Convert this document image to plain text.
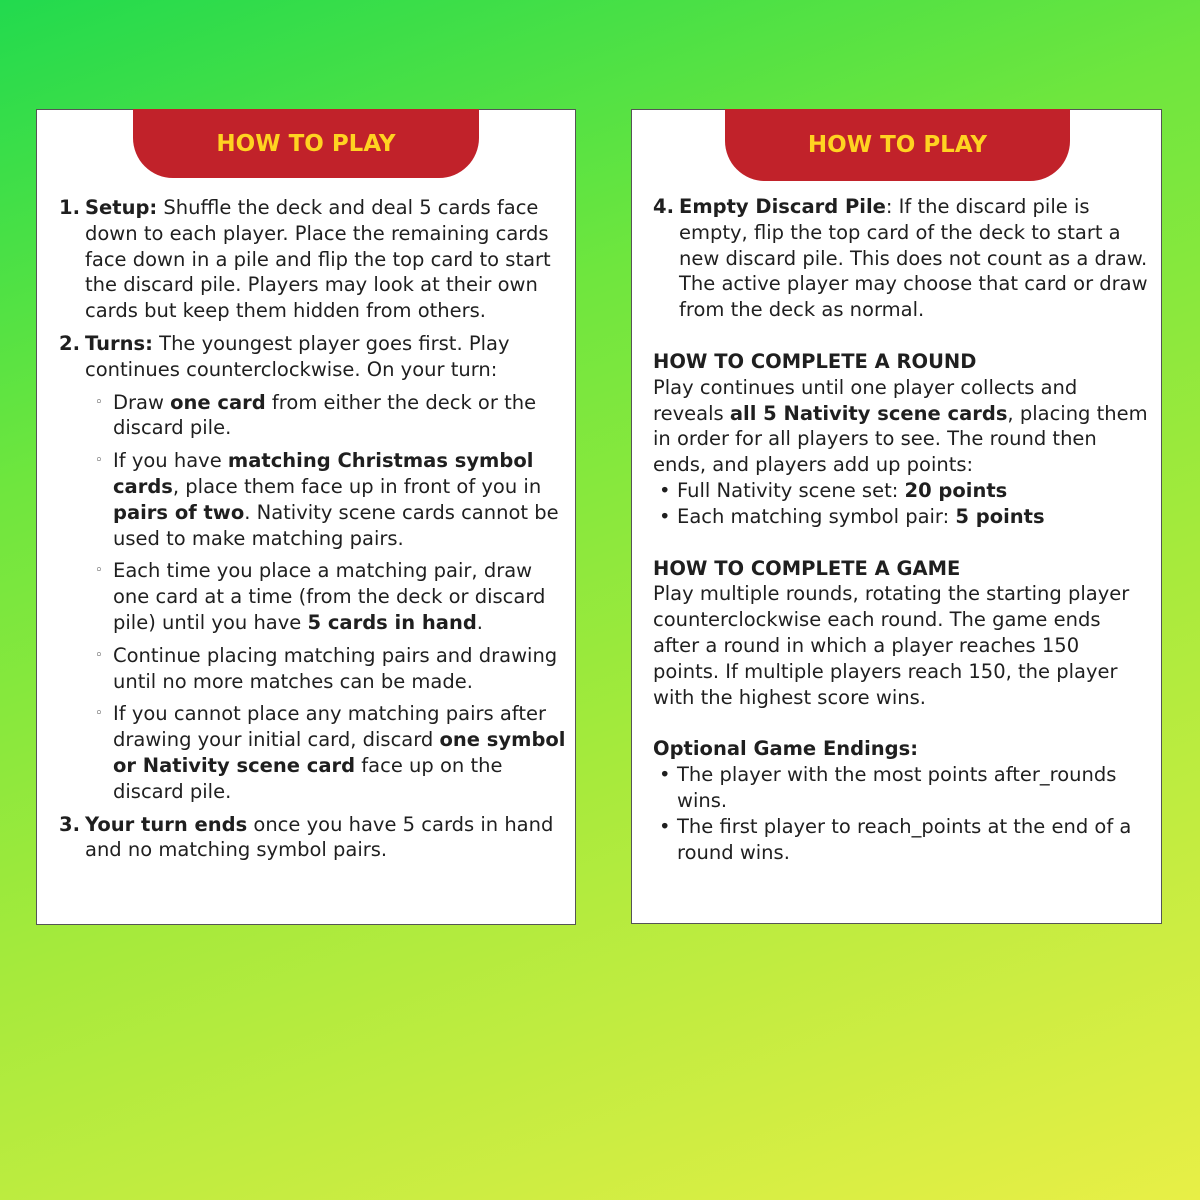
HOW TO PLAY
1. Setup: Shuffle the deck and deal 5 cards face down to each player. Place the remaining cards face down in a pile and flip the top card to start the discard pile. Players may look at their own cards but keep them hidden from others.
2. Turns: The youngest player goes first. Play continues counterclockwise. On your turn:
◦ Draw one card from either the deck or the discard pile.
◦ If you have matching Christmas symbol cards, place them face up in front of you in pairs of two. Nativity scene cards cannot be used to make matching pairs.
◦ Each time you place a matching pair, draw one card at a time (from the deck or discard pile) until you have 5 cards in hand.
◦ Continue placing matching pairs and drawing until no more matches can be made.
◦ If you cannot place any matching pairs after drawing your initial card, discard one symbol or Nativity scene card face up on the discard pile.
3. Your turn ends once you have 5 cards in hand and no matching symbol pairs.
HOW TO PLAY
4. Empty Discard Pile: If the discard pile is empty, flip the top card of the deck to start a new discard pile. This does not count as a draw. The active player may choose that card or draw from the deck as normal.
HOW TO COMPLETE A ROUND
Play continues until one player collects and reveals all 5 Nativity scene cards, placing them in order for all players to see. The round then ends, and players add up points:
• Full Nativity scene set: 20 points
• Each matching symbol pair: 5 points
HOW TO COMPLETE A GAME
Play multiple rounds, rotating the starting player counterclockwise each round. The game ends after a round in which a player reaches 150 points. If multiple players reach 150, the player with the highest score wins.
Optional Game Endings:
• The player with the most points after_rounds wins.
• The first player to reach_points at the end of a round wins.
